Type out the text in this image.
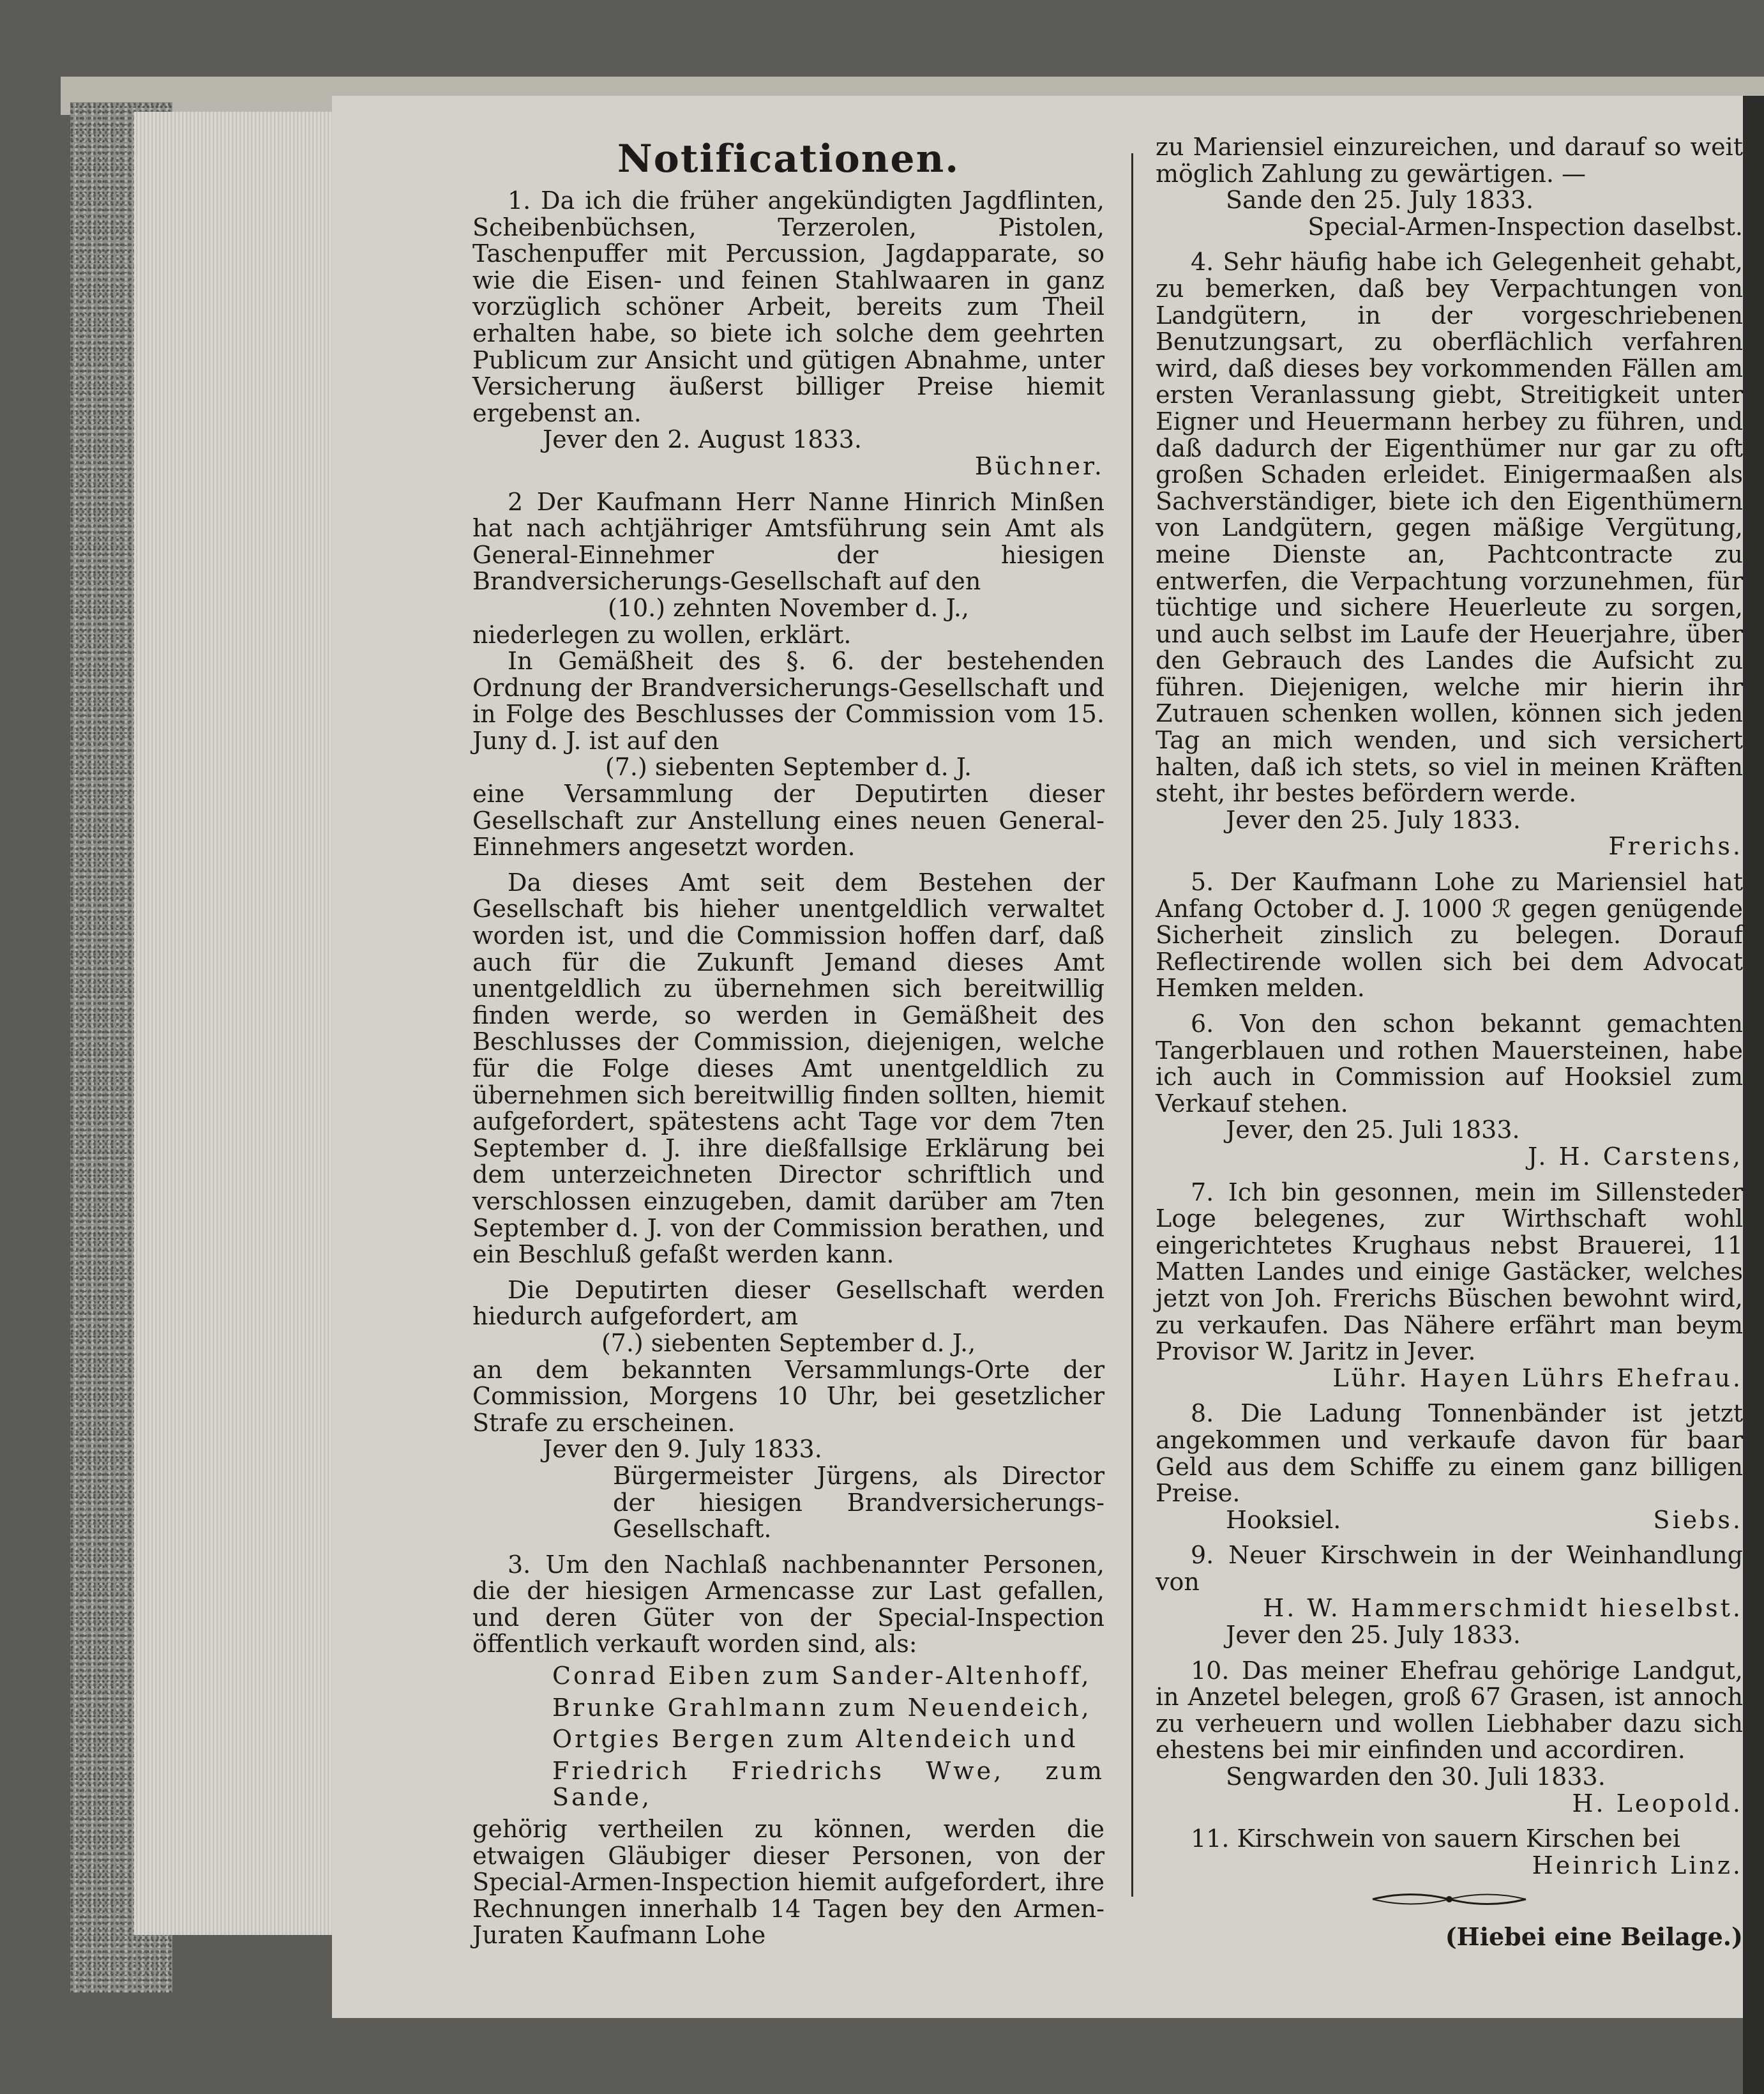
Notificationen.

1. Da ich die früher angekündigten Jagdflinten, Scheibenbüchsen, Terzerolen, Pistolen, Taschenpuffer mit Percussion, Jagdapparate, so wie die Eisen- und feinen Stahlwaaren in ganz vorzüglich schöner Arbeit, bereits zum Theil erhalten habe, so biete ich solche dem geehrten Publicum zur Ansicht und gütigen Abnahme, unter Versicherung äußerst billiger Preise hiemit ergebenst an.

Jever den 2. August 1833.

Büchner.

2 Der Kaufmann Herr Nanne Hinrich Minßen hat nach achtjähriger Amtsführung sein Amt als General-Einnehmer der hiesigen Brandversicherungs-Gesellschaft auf den

(10.) zehnten November d. J.,

niederlegen zu wollen, erklärt.

In Gemäßheit des §. 6. der bestehenden Ordnung der Brandversicherungs-Gesellschaft und in Folge des Beschlusses der Commission vom 15. Juny d. J. ist auf den

(7.) siebenten September d. J.

eine Versammlung der Deputirten dieser Gesellschaft zur Anstellung eines neuen General-Einnehmers angesetzt worden.

Da dieses Amt seit dem Bestehen der Gesellschaft bis hieher unentgeldlich verwaltet worden ist, und die Commission hoffen darf, daß auch für die Zukunft Jemand dieses Amt unentgeldlich zu übernehmen sich bereitwillig finden werde, so werden in Gemäßheit des Beschlusses der Commission, diejenigen, welche für die Folge dieses Amt unentgeldlich zu übernehmen sich bereitwillig finden sollten, hiemit aufgefordert, spätestens acht Tage vor dem 7ten September d. J. ihre dießfallsige Erklärung bei dem unterzeichneten Director schriftlich und verschlossen einzugeben, damit darüber am 7ten September d. J. von der Commission berathen, und ein Beschluß gefaßt werden kann.

Die Deputirten dieser Gesellschaft werden hiedurch aufgefordert, am

(7.) siebenten September d. J.,

an dem bekannten Versammlungs-Orte der Commission, Morgens 10 Uhr, bei gesetzlicher Strafe zu erscheinen.

Jever den 9. July 1833.

Bürgermeister Jürgens, als Director der hiesigen Brandversicherungs-Gesellschaft.

3. Um den Nachlaß nachbenannter Personen, die der hiesigen Armencasse zur Last gefallen, und deren Güter von der Special-Inspection öffentlich verkauft worden sind, als:

Conrad Eiben zum Sander-Altenhoff,

Brunke Grahlmann zum Neuendeich,

Ortgies Bergen zum Altendeich und

Friedrich Friedrichs Wwe, zum Sande,

gehörig vertheilen zu können, werden die etwaigen Gläubiger dieser Personen, von der Special-Armen-Inspection hiemit aufgefordert, ihre Rechnungen innerhalb 14 Tagen bey den Armen-Juraten Kaufmann Lohe

zu Mariensiel einzureichen, und darauf so weit möglich Zahlung zu gewärtigen. —

Sande den 25. July 1833.

Special-Armen-Inspection daselbst.

4. Sehr häufig habe ich Gelegenheit gehabt, zu bemerken, daß bey Verpachtungen von Landgütern, in der vorgeschriebenen Benutzungsart, zu oberflächlich verfahren wird, daß dieses bey vorkommenden Fällen am ersten Veranlassung giebt, Streitigkeit unter Eigner und Heuermann herbey zu führen, und daß dadurch der Eigenthümer nur gar zu oft großen Schaden erleidet. Einigermaaßen als Sachverständiger, biete ich den Eigenthümern von Landgütern, gegen mäßige Vergütung, meine Dienste an, Pachtcontracte zu entwerfen, die Verpachtung vorzunehmen, für tüchtige und sichere Heuerleute zu sorgen, und auch selbst im Laufe der Heuerjahre, über den Gebrauch des Landes die Aufsicht zu führen. Diejenigen, welche mir hierin ihr Zutrauen schenken wollen, können sich jeden Tag an mich wenden, und sich versichert halten, daß ich stets, so viel in meinen Kräften steht, ihr bestes befördern werde.

Jever den 25. July 1833.

Frerichs.

5. Der Kaufmann Lohe zu Mariensiel hat Anfang October d. J. 1000 ℛ gegen genügende Sicherheit zinslich zu belegen. Dorauf Reflectirende wollen sich bei dem Advocat Hemken melden.

6. Von den schon bekannt gemachten Tangerblauen und rothen Mauersteinen, habe ich auch in Commission auf Hooksiel zum Verkauf stehen.

Jever, den 25. Juli 1833.

J. H. Carstens,

7. Ich bin gesonnen, mein im Sillensteder Loge belegenes, zur Wirthschaft wohl eingerichtetes Krughaus nebst Brauerei, 11 Matten Landes und einige Gastäcker, welches jetzt von Joh. Frerichs Büschen bewohnt wird, zu verkaufen. Das Nähere erfährt man beym Provisor W. Jaritz in Jever.

Lühr. Hayen Lührs Ehefrau.

8. Die Ladung Tonnenbänder ist jetzt angekommen und verkaufe davon für baar Geld aus dem Schiffe zu einem ganz billigen Preise.

Hooksiel.	Siebs.

9. Neuer Kirschwein in der Weinhandlung von

H. W. Hammerschmidt hieselbst.

Jever den 25. July 1833.

10. Das meiner Ehefrau gehörige Landgut, in Anzetel belegen, groß 67 Grasen, ist annoch zu verheuern und wollen Liebhaber dazu sich ehestens bei mir einfinden und accordiren.

Sengwarden den 30. Juli 1833.

H. Leopold.

11. Kirschwein von sauern Kirschen bei

Heinrich Linz.

(Hiebei eine Beilage.)
